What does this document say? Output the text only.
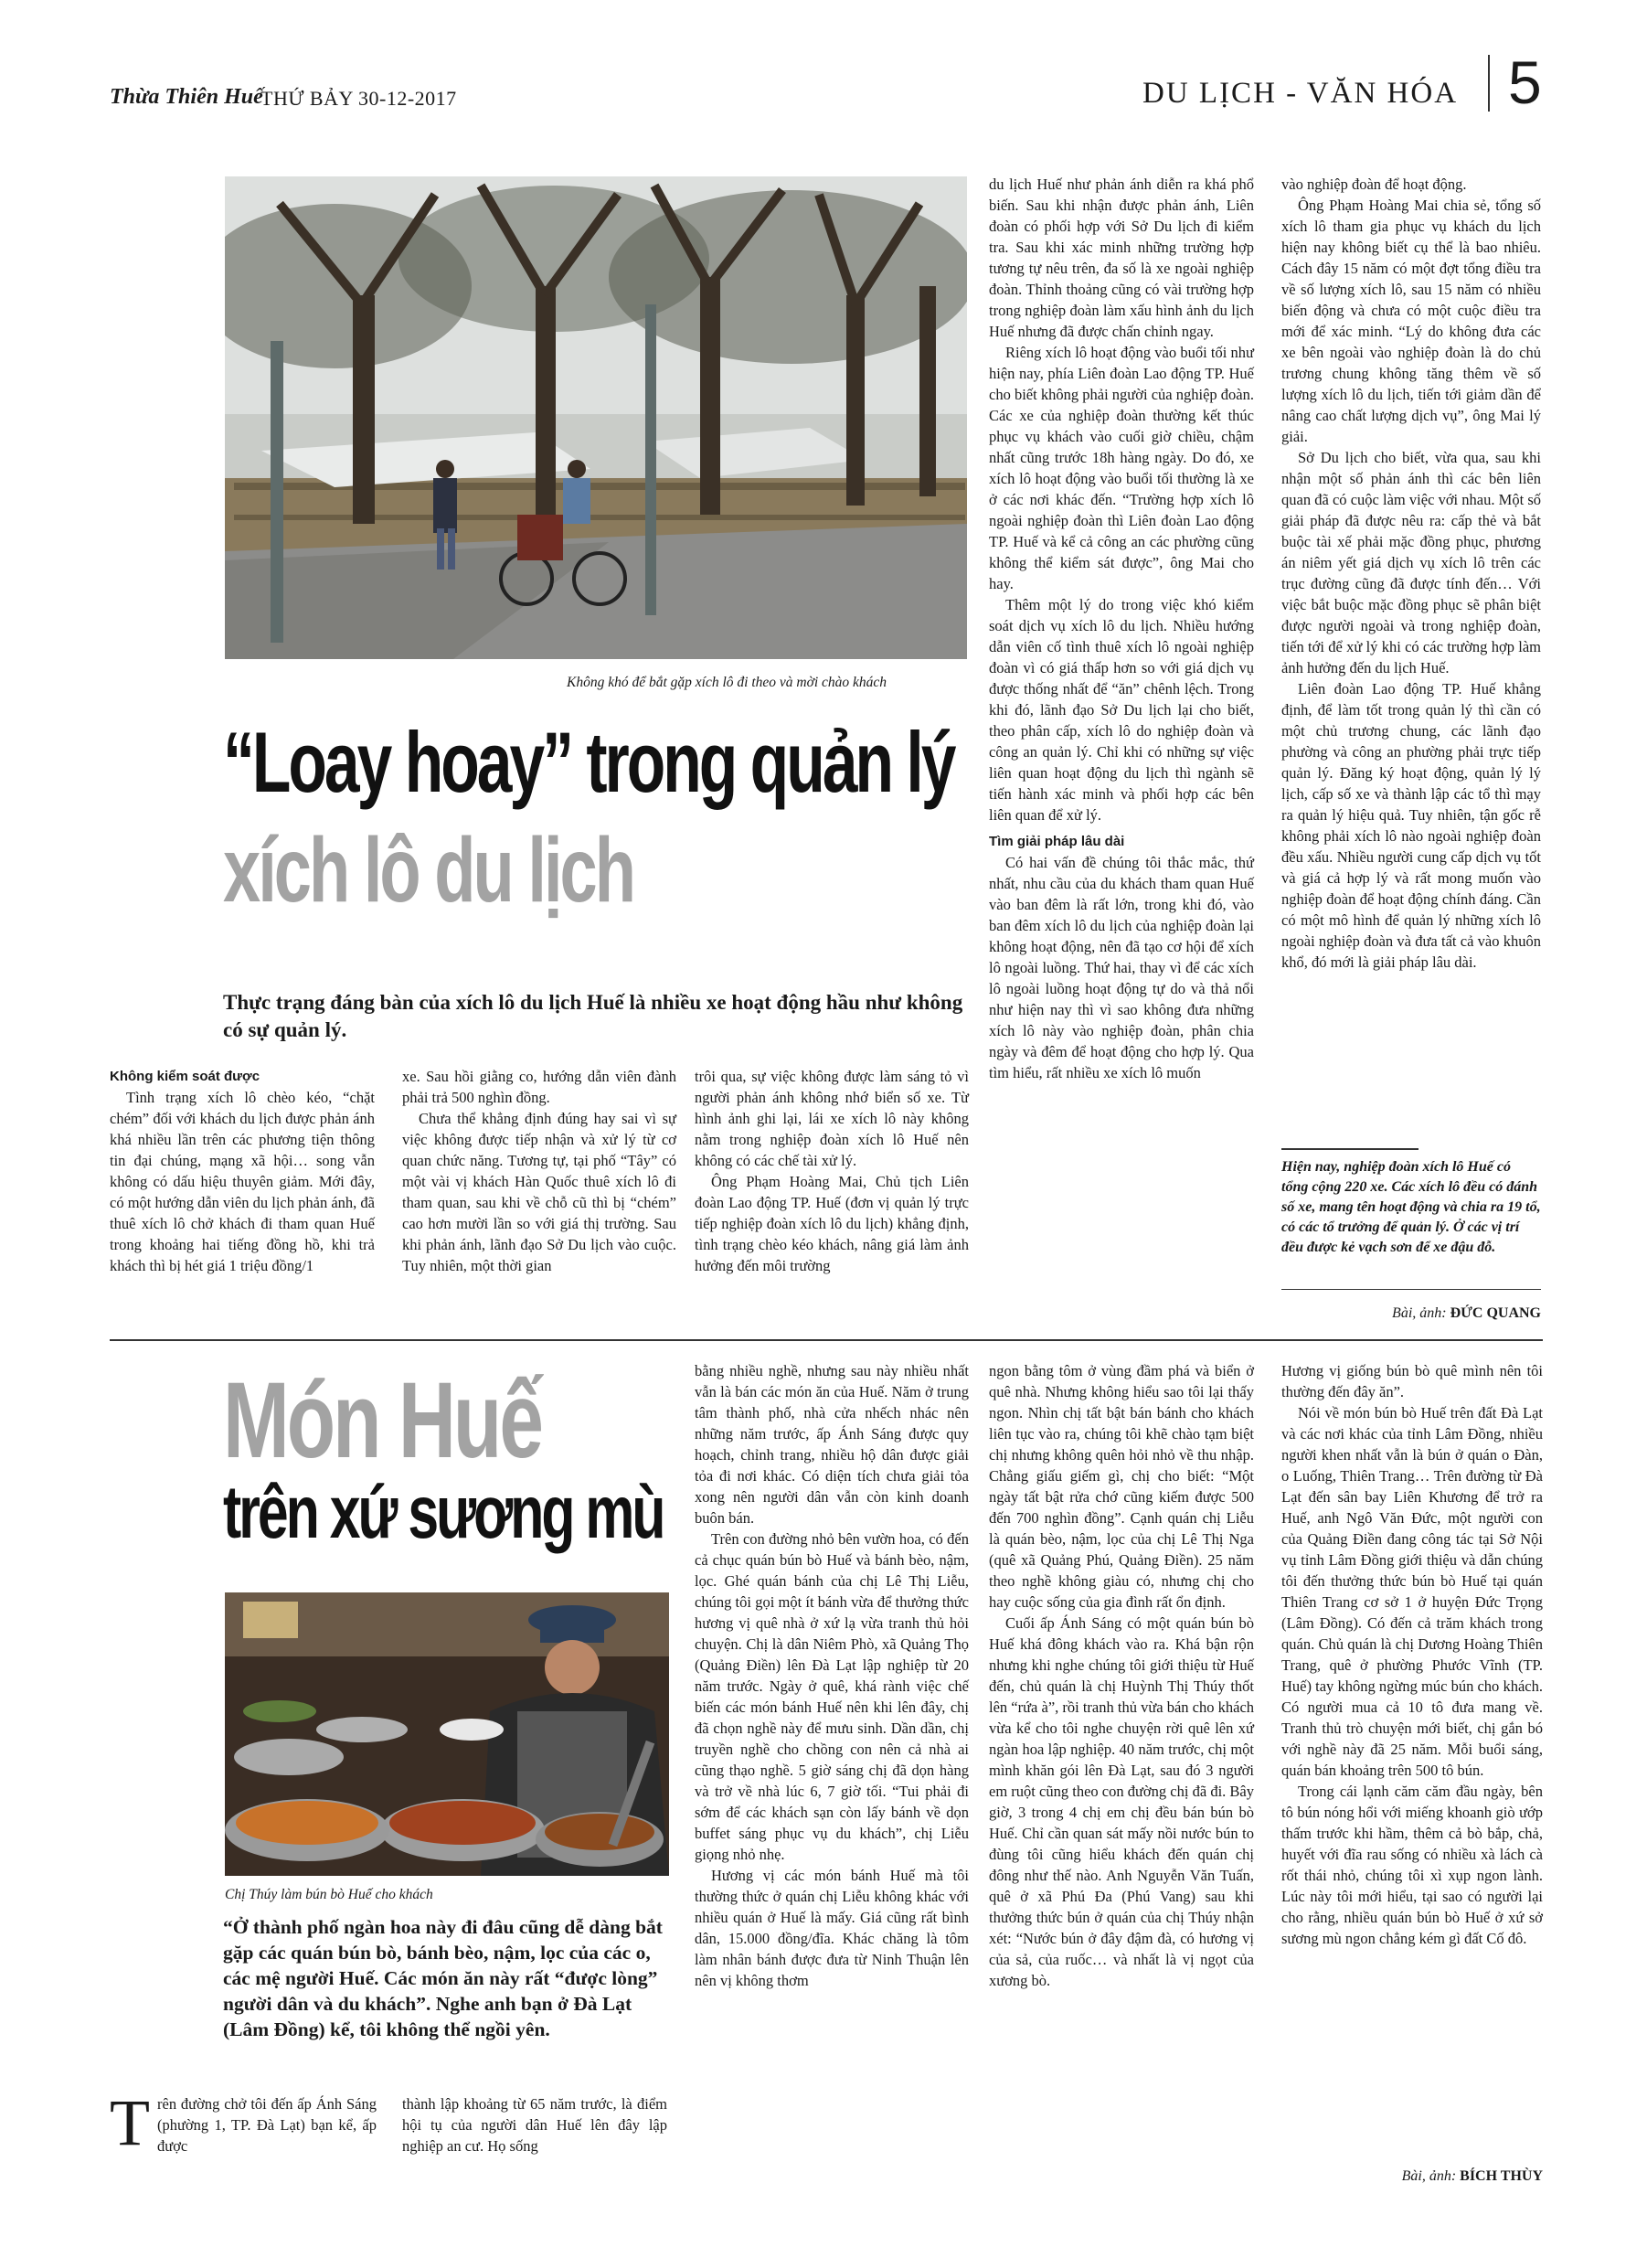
Thừa Thiên Huế
THỨ BẢY 30-12-2017	DU LỊCH - VĂN HÓA 5
Không khó để bắt gặp xích lô đi theo và mời chào khách
“Loay hoay” trong quản lý
xích lô du lịch
Thực trạng đáng bàn của xích lô du lịch Huế là nhiều xe hoạt động hầu như không có sự quản lý.

Không kiểm soát được

Tình trạng xích lô chèo kéo, “chặt chém” đối với khách du lịch được phản ánh khá nhiều lần trên các phương tiện thông tin đại chúng, mạng xã hội… song vẫn không có dấu hiệu thuyên giảm. Mới đây, có một hướng dẫn viên du lịch phản ánh, đã thuê xích lô chở khách đi tham quan Huế trong khoảng hai tiếng đồng hồ, khi trả khách thì bị hét giá 1 triệu đồng/1

xe. Sau hồi giằng co, hướng dẫn viên đành phải trả 500 nghìn đồng.

Chưa thể khẳng định đúng hay sai vì sự việc không được tiếp nhận và xử lý từ cơ quan chức năng. Tương tự, tại phố “Tây” có một vài vị khách Hàn Quốc thuê xích lô đi tham quan, sau khi về chỗ cũ thì bị “chém” cao hơn mười lần so với giá thị trường. Sau khi phản ánh, lãnh đạo Sở Du lịch vào cuộc. Tuy nhiên, một thời gian

trôi qua, sự việc không được làm sáng tỏ vì người phản ánh không nhớ biển số xe. Từ hình ảnh ghi lại, lái xe xích lô này không nằm trong nghiệp đoàn xích lô Huế nên không có các chế tài xử lý.

Ông Phạm Hoàng Mai, Chủ tịch Liên đoàn Lao động TP. Huế (đơn vị quản lý trực tiếp nghiệp đoàn xích lô du lịch) khẳng định, tình trạng chèo kéo khách, nâng giá làm ảnh hưởng đến môi trường

du lịch Huế như phản ánh diễn ra khá phổ biến. Sau khi nhận được phản ánh, Liên đoàn có phối hợp với Sở Du lịch đi kiểm tra. Sau khi xác minh những trường hợp tương tự nêu trên, đa số là xe ngoài nghiệp đoàn. Thỉnh thoảng cũng có vài trường hợp trong nghiệp đoàn làm xấu hình ảnh du lịch Huế nhưng đã được chấn chỉnh ngay.

Riêng xích lô hoạt động vào buổi tối như hiện nay, phía Liên đoàn Lao động TP. Huế cho biết không phải người của nghiệp đoàn. Các xe của nghiệp đoàn thường kết thúc phục vụ khách vào cuối giờ chiều, chậm nhất cũng trước 18h hàng ngày. Do đó, xe xích lô hoạt động vào buổi tối thường là xe ở các nơi khác đến. “Trường hợp xích lô ngoài nghiệp đoàn thì Liên đoàn Lao động TP. Huế và kể cả công an các phường cũng không thể kiểm sát được”, ông Mai cho hay.

Thêm một lý do trong việc khó kiểm soát dịch vụ xích lô du lịch. Nhiều hướng dẫn viên cố tình thuê xích lô ngoài nghiệp đoàn vì có giá thấp hơn so với giá dịch vụ được thống nhất để “ăn” chênh lệch. Trong khi đó, lãnh đạo Sở Du lịch lại cho biết, theo phân cấp, xích lô do nghiệp đoàn và công an quản lý. Chỉ khi có những sự việc liên quan hoạt động du lịch thì ngành sẽ tiến hành xác minh và phối hợp các bên liên quan để xử lý.

Tìm giải pháp lâu dài

Có hai vấn đề chúng tôi thắc mắc, thứ nhất, nhu cầu của du khách tham quan Huế vào ban đêm là rất lớn, trong khi đó, vào ban đêm xích lô du lịch của nghiệp đoàn lại không hoạt động, nên đã tạo cơ hội để xích lô ngoài luồng. Thứ hai, thay vì để các xích lô ngoài luồng hoạt động tự do và thả nổi như hiện nay thì vì sao không đưa những xích lô này vào nghiệp đoàn, phân chia ngày và đêm để hoạt động cho hợp lý. Qua tìm hiểu, rất nhiều xe xích lô muốn

vào nghiệp đoàn để hoạt động.

Ông Phạm Hoàng Mai chia sẻ, tổng số xích lô tham gia phục vụ khách du lịch hiện nay không biết cụ thể là bao nhiêu. Cách đây 15 năm có một đợt tổng điều tra về số lượng xích lô, sau 15 năm có nhiều biến động và chưa có một cuộc điều tra mới để xác minh. “Lý do không đưa các xe bên ngoài vào nghiệp đoàn là do chủ trương chung không tăng thêm về số lượng xích lô du lịch, tiến tới giảm dần để nâng cao chất lượng dịch vụ”, ông Mai lý giải.

Sở Du lịch cho biết, vừa qua, sau khi nhận một số phản ánh thì các bên liên quan đã có cuộc làm việc với nhau. Một số giải pháp đã được nêu ra: cấp thẻ và bắt buộc tài xế phải mặc đồng phục, phương án niêm yết giá dịch vụ xích lô trên các trục đường cũng đã được tính đến… Với việc bắt buộc mặc đồng phục sẽ phân biệt được người ngoài và trong nghiệp đoàn, tiến tới để xử lý khi có các trường hợp làm ảnh hưởng đến du lịch Huế.

Liên đoàn Lao động TP. Huế khẳng định, để làm tốt trong quản lý thì cần có một chủ trương chung, các lãnh đạo phường và công an phường phải trực tiếp quản lý. Đăng ký hoạt động, quản lý lý lịch, cấp số xe và thành lập các tổ thì mạy ra quản lý hiệu quả. Tuy nhiên, tận gốc rễ không phải xích lô nào ngoài nghiệp đoàn đều xấu. Nhiều người cung cấp dịch vụ tốt và giá cả hợp lý và rất mong muốn vào nghiệp đoàn để hoạt động chính đáng. Cần có một mô hình để quản lý những xích lô ngoài nghiệp đoàn và đưa tất cả vào khuôn khổ, đó mới là giải pháp lâu dài.

Hiện nay, nghiệp đoàn xích lô Huế có tổng cộng 220 xe. Các xích lô đều có đánh số xe, mang tên hoạt động và chia ra 19 tổ, có các tổ trưởng để quản lý. Ở các vị trí đều được kẻ vạch sơn để xe đậu đỗ.
Bài, ảnh: ĐỨC QUANG
Món Huế
trên xứ sương mù
Chị Thúy làm bún bò Huế cho khách
“Ở thành phố ngàn hoa này đi đâu cũng dễ dàng bắt gặp các quán bún bò, bánh bèo, nậm, lọc của các o, các mệ người Huế. Các món ăn này rất “được lòng” người dân và du khách”. Nghe anh bạn ở Đà Lạt (Lâm Đồng) kể, tôi không thể ngồi yên.
T rên đường chở tôi đến ấp Ánh Sáng (phường 1, TP. Đà Lạt) bạn kể, ấp được

thành lập khoảng từ 65 năm trước, là điểm hội tụ của người dân Huế lên đây lập nghiệp an cư. Họ sống

bằng nhiều nghề, nhưng sau này nhiều nhất vẫn là bán các món ăn của Huế. Năm ở trung tâm thành phố, nhà cửa nhếch nhác nên những năm trước, ấp Ánh Sáng được quy hoạch, chỉnh trang, nhiều hộ dân được giải tỏa đi nơi khác. Có diện tích chưa giải tỏa xong nên người dân vẫn còn kinh doanh buôn bán.

Trên con đường nhỏ bên vườn hoa, có đến cả chục quán bún bò Huế và bánh bèo, nậm, lọc. Ghé quán bánh của chị Lê Thị Liễu, chúng tôi gọi một ít bánh vừa để thưởng thức hương vị quê nhà ở xứ lạ vừa tranh thủ hỏi chuyện. Chị là dân Niêm Phò, xã Quảng Thọ (Quảng Điền) lên Đà Lạt lập nghiệp từ 20 năm trước. Ngày ở quê, khá rành việc chế biến các món bánh Huế nên khi lên đây, chị đã chọn nghề này để mưu sinh. Dần dần, chị truyền nghề cho chồng con nên cả nhà ai cũng thạo nghề. 5 giờ sáng chị đã dọn hàng và trở về nhà lúc 6, 7 giờ tối. “Tui phải đi sớm để các khách sạn còn lấy bánh về dọn buffet sáng phục vụ du khách”, chị Liễu giọng nhỏ nhẹ.

Hương vị các món bánh Huế mà tôi thường thức ở quán chị Liễu không khác với nhiều quán ở Huế là mấy. Giá cũng rất bình dân, 15.000 đồng/đĩa. Khác chăng là tôm làm nhân bánh được đưa từ Ninh Thuận lên nên vị không thơm

ngon bằng tôm ở vùng đầm phá và biển ở quê nhà. Nhưng không hiểu sao tôi lại thấy ngon. Nhìn chị tất bật bán bánh cho khách liên tục vào ra, chúng tôi khẽ chào tạm biệt chị nhưng không quên hỏi nhỏ về thu nhập. Chẳng giấu giếm gì, chị cho biết: “Một ngày tất bật rửa chớ cũng kiếm được 500 đến 700 nghìn đồng”. Cạnh quán chị Liễu là quán bèo, nậm, lọc của chị Lê Thị Nga (quê xã Quảng Phú, Quảng Điền). 25 năm theo nghề không giàu có, nhưng chị cho hay cuộc sống của gia đình rất ổn định.

Cuối ấp Ánh Sáng có một quán bún bò Huế khá đông khách vào ra. Khá bận rộn nhưng khi nghe chúng tôi giới thiệu từ Huế đến, chủ quán là chị Huỳnh Thị Thúy thốt lên “rứa à”, rồi tranh thủ vừa bán cho khách vừa kể cho tôi nghe chuyện rời quê lên xứ ngàn hoa lập nghiệp. 40 năm trước, chị một mình khăn gói lên Đà Lạt, sau đó 3 người em ruột cũng theo con đường chị đã đi. Bây giờ, 3 trong 4 chị em chị đều bán bún bò Huế. Chỉ cần quan sát mấy nồi nước bún to đùng tôi cũng hiểu khách đến quán chị đông như thế nào. Anh Nguyễn Văn Tuấn, quê ở xã Phú Đa (Phú Vang) sau khi thưởng thức bún ở quán của chị Thúy nhận xét: “Nước bún ở đây đậm đà, có hương vị của sả, của ruốc… và nhất là vị ngọt của xương bò.

Hương vị giống bún bò quê mình nên tôi thường đến đây ăn”.

Nói về món bún bò Huế trên đất Đà Lạt và các nơi khác của tỉnh Lâm Đồng, nhiều người khen nhất vẫn là bún ở quán o Đàn, o Luống, Thiên Trang… Trên đường từ Đà Lạt đến sân bay Liên Khương để trở ra Huế, anh Ngô Văn Đức, một người con của Quảng Điền đang công tác tại Sở Nội vụ tỉnh Lâm Đồng giới thiệu và dẫn chúng tôi đến thưởng thức bún bò Huế tại quán Thiên Trang cơ sở 1 ở huyện Đức Trọng (Lâm Đồng). Có đến cả trăm khách trong quán. Chủ quán là chị Dương Hoàng Thiên Trang, quê ở phường Phước Vĩnh (TP. Huế) tay không ngừng múc bún cho khách. Có người mua cả 10 tô đưa mang về. Tranh thủ trò chuyện mới biết, chị gắn bó với nghề này đã 25 năm. Mỗi buổi sáng, quán bán khoảng trên 500 tô bún.

Trong cái lạnh căm căm đầu ngày, bên tô bún nóng hổi với miếng khoanh giò ướp thấm trước khi hầm, thêm cả bò bắp, chả, huyết với đĩa rau sống có nhiều xà lách cà rốt thái nhỏ, chúng tôi xì xụp ngon lành. Lúc này tôi mới hiểu, tại sao có người lại cho rằng, nhiều quán bún bò Huế ở xứ sở sương mù ngon chẳng kém gì đất Cố đô.

Bài, ảnh: BÍCH THÙY
